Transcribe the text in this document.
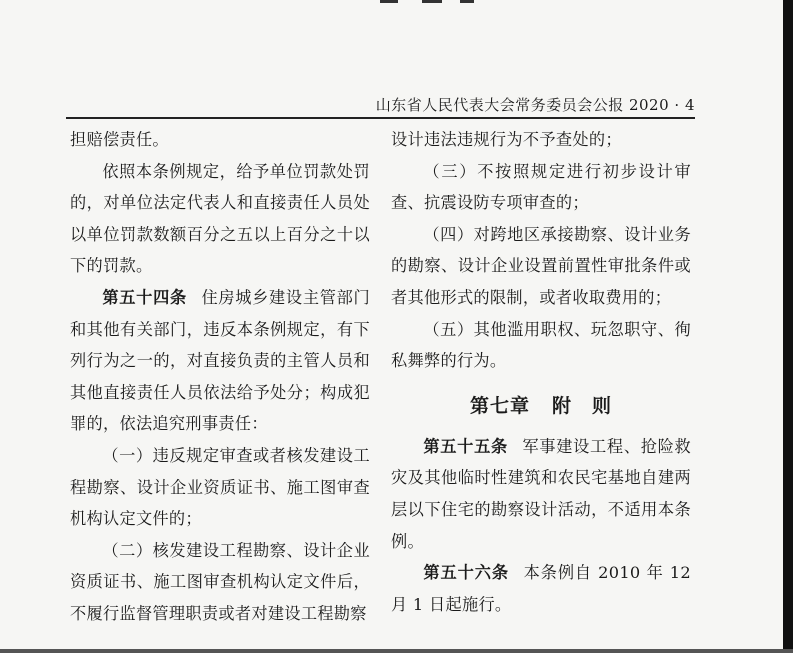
山东省人民代表大会常务委员会公报 2020 · 4

担赔偿责任。

依照本条例规定，给予单位罚款处罚的，对单位法定代表人和直接责任人员处以单位罚款数额百分之五以上百分之十以下的罚款。

第五十四条 住房城乡建设主管部门和其他有关部门，违反本条例规定，有下列行为之一的，对直接负责的主管人员和其他直接责任人员依法给予处分；构成犯罪的，依法追究刑事责任：

（一）违反规定审查或者核发建设工程勘察、设计企业资质证书、施工图审查机构认定文件的；

（二）核发建设工程勘察、设计企业资质证书、施工图审查机构认定文件后，不履行监督管理职责或者对建设工程勘察

设计违法违规行为不予查处的；

（三）不按照规定进行初步设计审查、抗震设防专项审查的；

（四）对跨地区承接勘察、设计业务的勘察、设计企业设置前置性审批条件或者其他形式的限制，或者收取费用的；

（五）其他滥用职权、玩忽职守、徇私舞弊的行为。

第七章 附　则

第五十五条 军事建设工程、抢险救灾及其他临时性建筑和农民宅基地自建两层以下住宅的勘察设计活动，不适用本条例。

第五十六条 本条例自 2010 年 12 月 1 日起施行。
